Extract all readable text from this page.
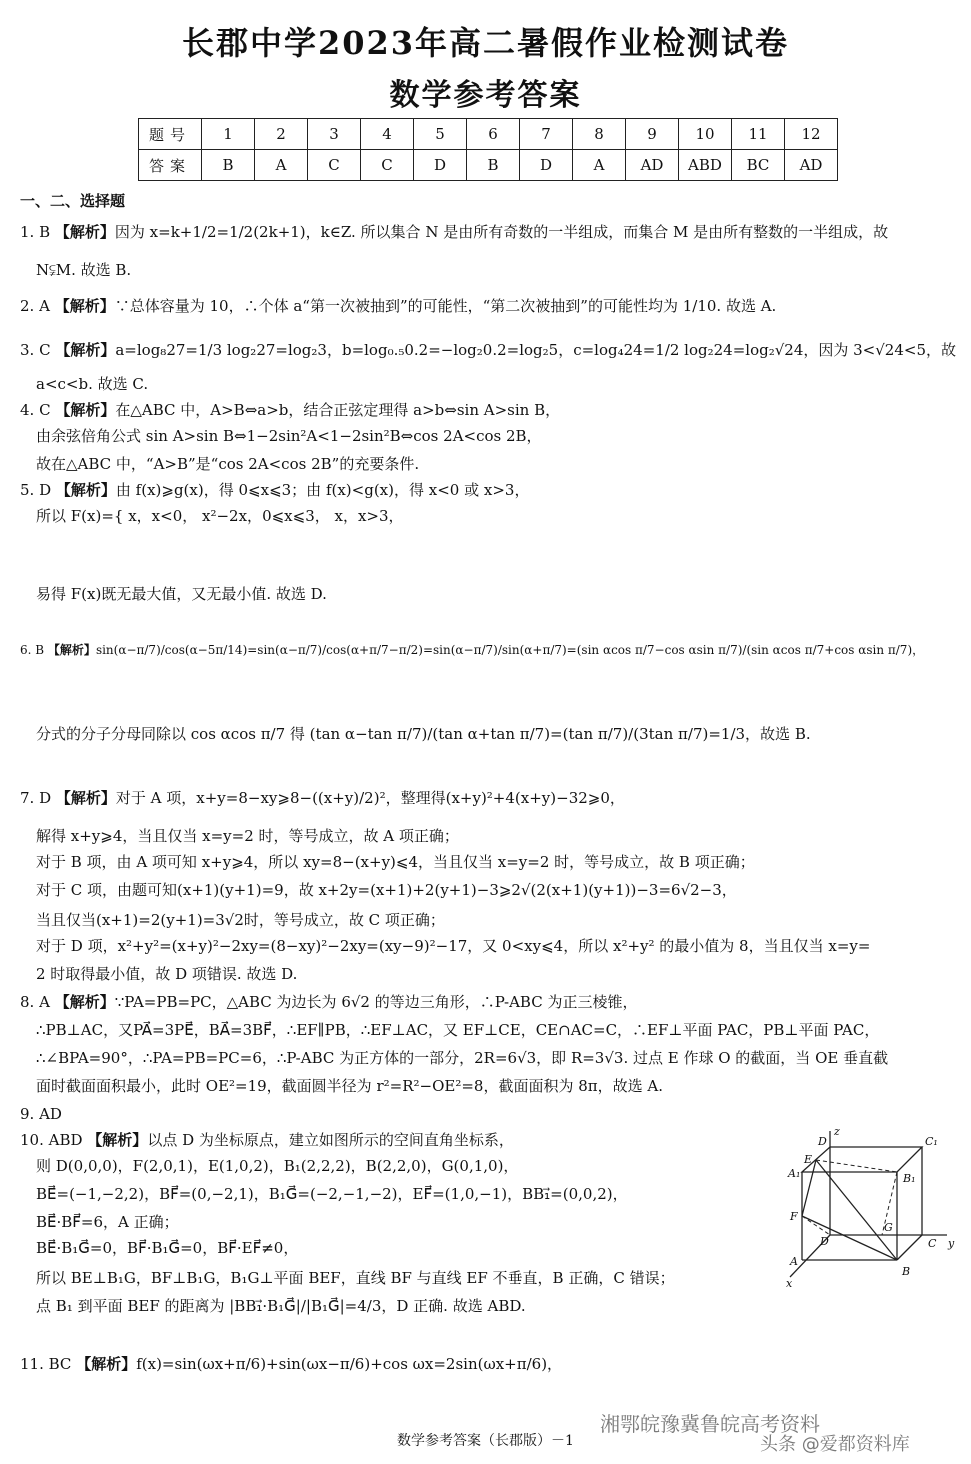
长郡中学2023年高二暑假作业检测试卷
数学参考答案
题号	1	2	3	4	5	6	7	8	9	10	11	12
答案	B	A	C	C	D	B	D	A	AD	ABD	BC	AD
一、二、选择题
1. B 【解析】因为 x=k+1/2=1/2(2k+1)，k∈Z. 所以集合 N 是由所有奇数的一半组成，而集合 M 是由所有整数的一半组成，故
N⫋M. 故选 B.
2. A 【解析】∵总体容量为 10，∴个体 a“第一次被抽到”的可能性，“第二次被抽到”的可能性均为 1/10. 故选 A.
3. C 【解析】a=log₈27=1/3 log₂27=log₂3，b=log₀.₅0.2=−log₂0.2=log₂5，c=log₄24=1/2 log₂24=log₂√24，因为 3<√24<5，故
a<c<b. 故选 C.
4. C 【解析】在△ABC 中，A>B⇔a>b，结合正弦定理得 a>b⇔sin A>sin B，
由余弦倍角公式 sin A>sin B⇔1−2sin²A<1−2sin²B⇔cos 2A<cos 2B，
故在△ABC 中，“A>B”是“cos 2A<cos 2B”的充要条件.
5. D 【解析】由 f(x)⩾g(x)，得 0⩽x⩽3；由 f(x)<g(x)，得 x<0 或 x>3，
所以 F(x)={ x，x<0， x²−2x，0⩽x⩽3， x，x>3，
易得 F(x)既无最大值，又无最小值. 故选 D.
6. B 【解析】sin(α−π/7)/cos(α−5π/14)=sin(α−π/7)/cos(α+π/7−π/2)=sin(α−π/7)/sin(α+π/7)=(sin αcos π/7−cos αsin π/7)/(sin αcos π/7+cos αsin π/7)，
分式的分子分母同除以 cos αcos π/7 得 (tan α−tan π/7)/(tan α+tan π/7)=(tan π/7)/(3tan π/7)=1/3，故选 B.
7. D 【解析】对于 A 项，x+y=8−xy⩾8−((x+y)/2)²，整理得(x+y)²+4(x+y)−32⩾0，
解得 x+y⩾4，当且仅当 x=y=2 时，等号成立，故 A 项正确；
对于 B 项，由 A 项可知 x+y⩾4，所以 xy=8−(x+y)⩽4，当且仅当 x=y=2 时，等号成立，故 B 项正确；
对于 C 项，由题可知(x+1)(y+1)=9，故 x+2y=(x+1)+2(y+1)−3⩾2√(2(x+1)(y+1))−3=6√2−3，
当且仅当(x+1)=2(y+1)=3√2时，等号成立，故 C 项正确；
对于 D 项，x²+y²=(x+y)²−2xy=(8−xy)²−2xy=(xy−9)²−17，又 0<xy⩽4，所以 x²+y² 的最小值为 8，当且仅当 x=y=
2 时取得最小值，故 D 项错误. 故选 D.
8. A 【解析】∵PA=PB=PC，△ABC 为边长为 6√2 的等边三角形，∴P-ABC 为正三棱锥，
∴PB⊥AC，又PA⃗=3PE⃗，BA⃗=3BF⃗，∴EF∥PB，∴EF⊥AC，又 EF⊥CE，CE∩AC=C，∴EF⊥平面 PAC，PB⊥平面 PAC，
∴∠BPA=90°，∴PA=PB=PC=6，∴P-ABC 为正方体的一部分，2R=6√3，即 R=3√3. 过点 E 作球 O 的截面，当 OE 垂直截
面时截面面积最小，此时 OE²=19，截面圆半径为 r²=R²−OE²=8，截面面积为 8π，故选 A.
9. AD
10. ABD 【解析】以点 D 为坐标原点，建立如图所示的空间直角坐标系，
则 D(0,0,0)，F(2,0,1)，E(1,0,2)，B₁(2,2,2)，B(2,2,0)，G(0,1,0)，
BE⃗=(−1,−2,2)，BF⃗=(0,−2,1)，B₁G⃗=(−2,−1,−2)，EF⃗=(1,0,−1)，BB₁⃗=(0,0,2)，
BE⃗·BF⃗=6，A 正确；
BE⃗·B₁G⃗=0，BF⃗·B₁G⃗=0，BF⃗·EF⃗≠0，
所以 BE⊥B₁G，BF⊥B₁G，B₁G⊥平面 BEF，直线 BF 与直线 EF 不垂直，B 正确，C 错误；
点 B₁ 到平面 BEF 的距离为 |BB₁⃗·B₁G⃗|/|B₁G⃗|=4/3，D 正确. 故选 ABD.
11. BC 【解析】f(x)=sin(ωx+π/6)+sin(ωx−π/6)+cos ωx=2sin(ωx+π/6)，
z
D	C₁
E
A₁	B₁
F
D
G
C y
A
B
x
湘鄂皖豫冀鲁皖高考资料
头条 @爱都资料库
数学参考答案（长郡版）－1
